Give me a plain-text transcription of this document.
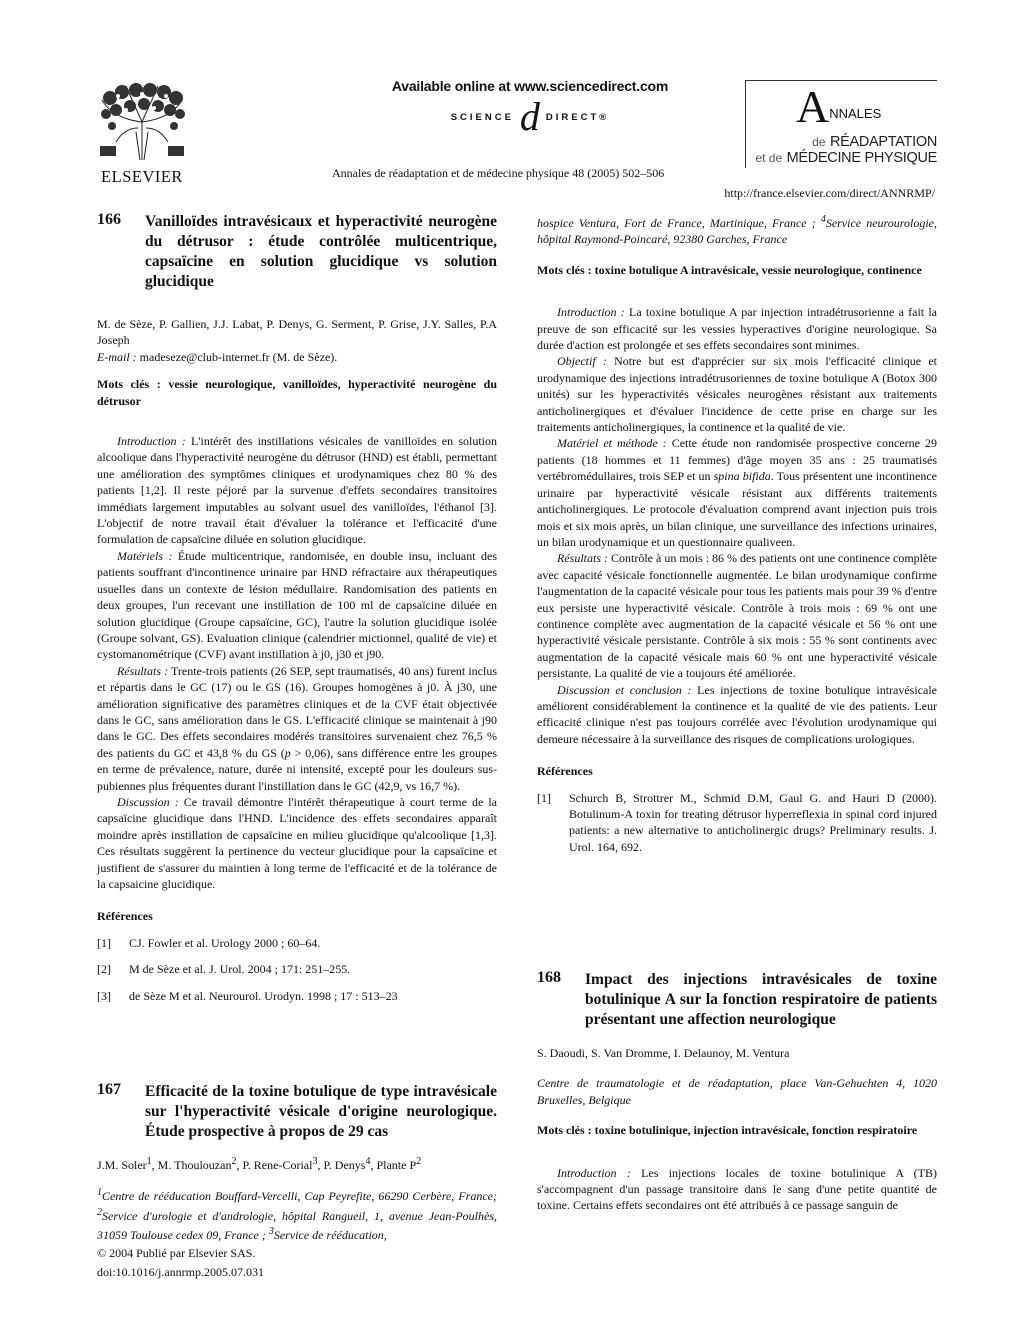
ELSEVIER
Available online at www.sciencedirect.com
SCIENCE d DIRECT®
Annales de réadaptation et de médecine physique 48 (2005) 502–506
ANNALES
de RÉADAPTATION
et de MÉDECINE PHYSIQUE
http://france.elsevier.com/direct/ANNRMP/
166 Vanilloïdes intravésicaux et hyperactivité neurogène du détrusor : étude contrôlée multicentrique, capsaïcine en solution glucidique vs solution glucidique
M. de Sèze, P. Gallien, J.J. Labat, P. Denys, G. Serment, P. Grise, J.Y. Salles, P.A Joseph
E-mail : madeseze@club-internet.fr (M. de Sèze).
Mots clés : vessie neurologique, vanilloïdes, hyperactivité neurogène du détrusor
Introduction : L'intérêt des instillations vésicales de vanilloïdes en solution alcoolique dans l'hyperactivité neurogène du détrusor (HND) est établi, permettant une amélioration des symptômes cliniques et urodynamiques chez 80 % des patients [1,2]. Il reste péjoré par la survenue d'effets secondaires transitoires immédiats largement imputables au solvant usuel des vanilloïdes, l'éthanol [3]. L'objectif de notre travail était d'évaluer la tolérance et l'efficacité d'une formulation de capsaïcine diluée en solution glucidique.
Matériels : Étude multicentrique, randomisée, en double insu, incluant des patients souffrant d'incontinence urinaire par HND réfractaire aux thérapeutiques usuelles dans un contexte de lésion médullaire. Randomisation des patients en deux groupes, l'un recevant une instillation de 100 ml de capsaïcine diluée en solution glucidique (Groupe capsaïcine, GC), l'autre la solution glucidique isolée (Groupe solvant, GS). Evaluation clinique (calendrier mictionnel, qualité de vie) et cystomanométrique (CVF) avant instillation à j0, j30 et j90.
Résultats : Trente-trois patients (26 SEP, sept traumatisés, 40 ans) furent inclus et répartis dans le GC (17) ou le GS (16). Groupes homogènes à j0. À j30, une amélioration significative des paramètres cliniques et de la CVF était objectivée dans le GC, sans amélioration dans le GS. L'efficacité clinique se maintenait à j90 dans le GC. Des effets secondaires modérés transitoires survenaient chez 76,5 % des patients du GC et 43,8 % du GS (p > 0,06), sans différence entre les groupes en terme de prévalence, nature, durée ni intensité, excepté pour les douleurs sus-pubiennes plus fréquentes durant l'instillation dans le GC (42,9, vs 16,7 %).
Discussion : Ce travail démontre l'intérêt thérapeutique à court terme de la capsaïcine glucidique dans l'HND. L'incidence des effets secondaires apparaît moindre après instillation de capsaïcine en milieu glucidique qu'alcoolique [1,3]. Ces résultats suggèrent la pertinence du vecteur glucidique pour la capsaïcine et justifient de s'assurer du maintien à long terme de l'efficacité et de la tolérance de la capsaicine glucidique.
Références
[1]	CJ. Fowler et al. Urology 2000 ; 60–64.
[2]	M de Sèze et al. J. Urol. 2004 ; 171: 251–255.
[3]	de Sèze M et al. Neurourol. Urodyn. 1998 ; 17 : 513–23
167 Efficacité de la toxine botulique de type intravésicale sur l'hyperactivité vésicale d'origine neurologique. Étude prospective à propos de 29 cas
J.M. Soler$^1$, M. Thoulouzan$^2$, P. Rene-Corial$^3$, P. Denys$^4$, Plante $P^2$
$^1$Centre de rééducation Bouffard-Vercelli, Cap Peyrefite, 66290 Cerbère, France; $^2$Service d'urologie et d'andrologie, hôpital Rangueil, 1, avenue Jean-Poulhès, 31059 Toulouse cedex 09, France ; $^3$Service de rééducation,
© 2004 Publié par Elsevier SAS.
doi:10.1016/j.annrmp.2005.07.031
hospice Ventura, Fort de France, Martinique, France ; $^4$Service neurourologie, hôpital Raymond-Poincaré, 92380 Garches, France
Mots clés : toxine botulique A intravésicale, vessie neurologique, continence
Introduction : La toxine botulique A par injection intradétrusorienne a fait la preuve de son efficacité sur les vessies hyperactives d'origine neurologique. Sa durée d'action est prolongée et ses effets secondaires sont minimes.
Objectif : Notre but est d'apprécier sur six mois l'efficacité clinique et urodynamique des injections intradétrusoriennes de toxine botulique A (Botox 300 unités) sur les hyperactivités vésicales neurogènes résistant aux traitements anticholinergiques et d'évaluer l'incidence de cette prise en charge sur les traitements anticholinergiques, la continence et la qualité de vie.
Matériel et méthode : Cette étude non randomisée prospective concerne 29 patients (18 hommes et 11 femmes) d'âge moyen 35 ans : 25 traumatisés vertébromédullaires, trois SEP et un spina bifida. Tous présentent une incontinence urinaire par hyperactivité vésicale résistant aux différents traitements anticholinergiques. Le protocole d'évaluation comprend avant injection puis trois mois et six mois après, un bilan clinique, une surveillance des infections urinaires, un bilan urodynamique et un questionnaire qualiveen.
Résultats : Contrôle à un mois : 86 % des patients ont une continence complète avec capacité vésicale fonctionnelle augmentée. Le bilan urodynamique confirme l'augmentation de la capacité vésicale pour tous les patients mais pour 39 % d'entre eux persiste une hyperactivité vésicale. Contrôle à trois mois : 69 % ont une continence complète avec augmentation de la capacité vésicale et 56 % ont une hyperactivité vésicale persistante. Contrôle à six mois : 55 % sont continents avec augmentation de la capacité vésicale mais 60 % ont une hyperactivité vésicale persistante. La qualité de vie a toujours été améliorée.
Discussion et conclusion : Les injections de toxine botulique intravésicale améliorent considérablement la continence et la qualité de vie des patients. Leur efficacité clinique n'est pas toujours corrélée avec l'évolution urodynamique qui demeure nécessaire à la surveillance des risques de complications urologiques.
Références
[1]	Schurch B, Strottrer M., Schmid D.M, Gaul G. and Hauri D (2000). Botulinum-A toxin for treating détrusor hyperreflexia in spinal cord injured patients: a new alternative to anticholinergic drugs? Preliminary results. J. Urol. 164, 692.
168 Impact des injections intravésicales de toxine botulinique A sur la fonction respiratoire de patients présentant une affection neurologique
S. Daoudi, S. Van Dromme, I. Delaunoy, M. Ventura
Centre de traumatologie et de réadaptation, place Van-Gehuchten 4, 1020 Bruxelles, Belgique
Mots clés : toxine botulinique, injection intravésicale, fonction respiratoire
Introduction : Les injections locales de toxine botulinique A (TB) s'accompagnent d'un passage transitoire dans le sang d'une petite quantité de toxine. Certains effets secondaires ont été attribués à ce passage sanguin de
